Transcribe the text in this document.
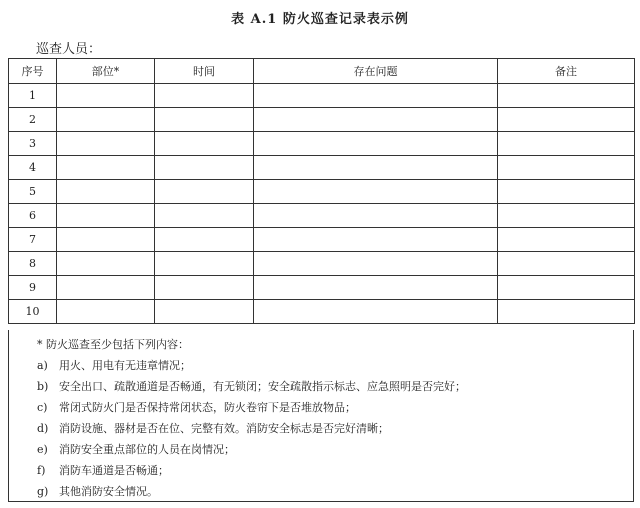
表 A.1 防火巡查记录表示例
巡查人员：
序号	部位*	时间	存在问题	备注
1				
2				
3				
4				
5				
6				
7				
8				
9				
10				
* 防火巡查至少包括下列内容：
a)	用火、用电有无违章情况；
b) 安全出口、疏散通道是否畅通，有无锁闭；安全疏散指示标志、应急照明是否完好；
c)	常闭式防火门是否保持常闭状态，防火卷帘下是否堆放物品；
d) 消防设施、器材是否在位、完整有效。消防安全标志是否完好清晰；
e)	消防安全重点部位的人员在岗情况；
f)	消防车通道是否畅通；
g) 其他消防安全情况。
